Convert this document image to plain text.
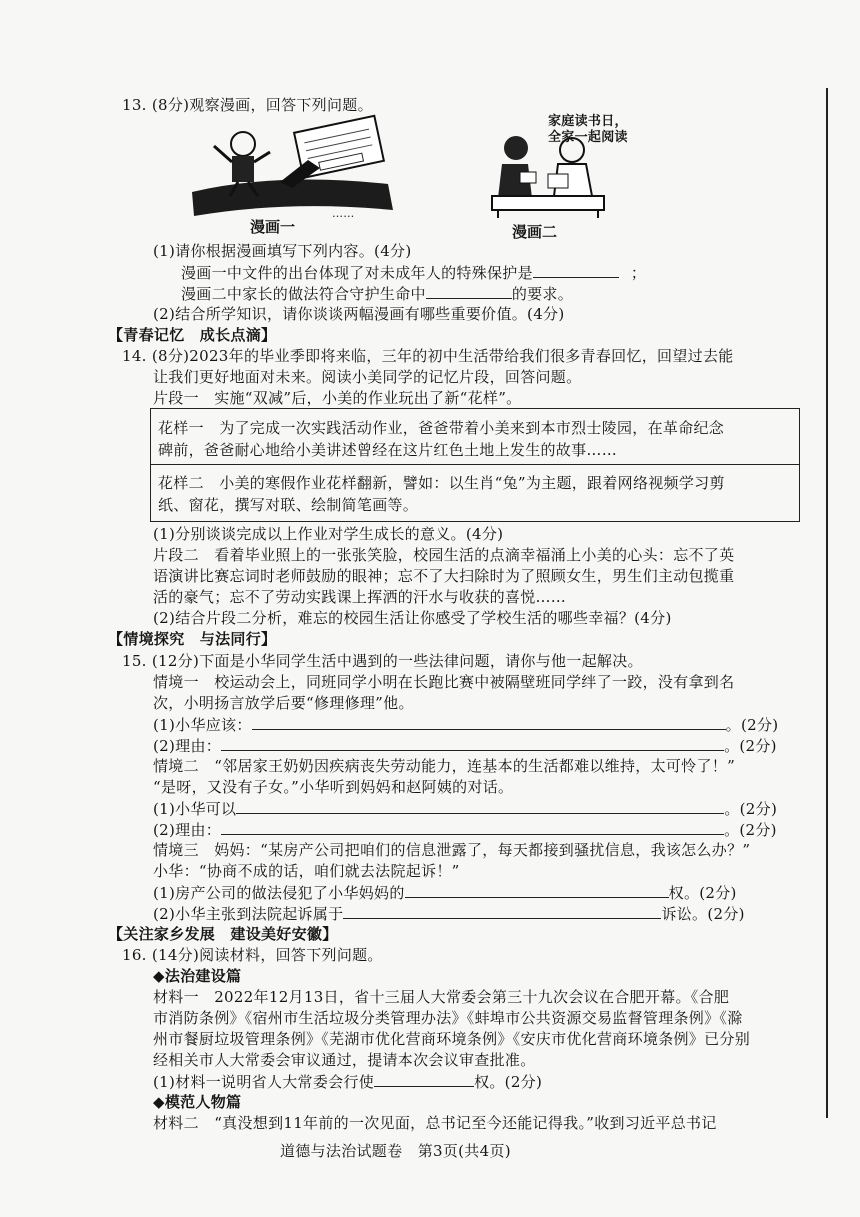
13. (8分)观察漫画，回答下列问题。
漫画一
……
家庭读书日，
全家一起阅读
漫画二
(1)请你根据漫画填写下列内容。(4分)
漫画一中文件的出台体现了对未成年人的特殊保护是	；
漫画二中家长的做法符合守护生命中	的要求。
(2)结合所学知识，请你谈谈两幅漫画有哪些重要价值。(4分)
【青春记忆　成长点滴】
14. (8分)2023年的毕业季即将来临，三年的初中生活带给我们很多青春回忆，回望过去能
让我们更好地面对未来。阅读小美同学的记忆片段，回答问题。
片段一　实施“双减”后，小美的作业玩出了新“花样”。
花样一　为了完成一次实践活动作业，爸爸带着小美来到本市烈士陵园，在革命纪念
碑前，爸爸耐心地给小美讲述曾经在这片红色土地上发生的故事……
花样二　小美的寒假作业花样翻新，譬如：以生肖“兔”为主题，跟着网络视频学习剪
纸、窗花，撰写对联、绘制简笔画等。
(1)分别谈谈完成以上作业对学生成长的意义。(4分)
片段二　看着毕业照上的一张张笑脸，校园生活的点滴幸福涌上小美的心头：忘不了英
语演讲比赛忘词时老师鼓励的眼神；忘不了大扫除时为了照顾女生，男生们主动包揽重
活的豪气；忘不了劳动实践课上挥洒的汗水与收获的喜悦……
(2)结合片段二分析，难忘的校园生活让你感受了学校生活的哪些幸福？(4分)
【情境探究　与法同行】
15. (12分)下面是小华同学生活中遇到的一些法律问题，请你与他一起解决。
情境一　校运动会上，同班同学小明在长跑比赛中被隔壁班同学绊了一跤，没有拿到名
次，小明扬言放学后要“修理修理”他。
(1)小华应该：	。(2分)
(2)理由：	。(2分)
情境二　“邻居家王奶奶因疾病丧失劳动能力，连基本的生活都难以维持，太可怜了！”
“是呀，又没有子女。”小华听到妈妈和赵阿姨的对话。
(1)小华可以	。(2分)
(2)理由：	。(2分)
情境三　妈妈：“某房产公司把咱们的信息泄露了，每天都接到骚扰信息，我该怎么办？”
小华：“协商不成的话，咱们就去法院起诉！”
(1)房产公司的做法侵犯了小华妈妈的	权。(2分)
(2)小华主张到法院起诉属于	诉讼。(2分)
【关注家乡发展　建设美好安徽】
16. (14分)阅读材料，回答下列问题。
◆法治建设篇
材料一　2022年12月13日，省十三届人大常委会第三十九次会议在合肥开幕。《合肥
市消防条例》《宿州市生活垃圾分类管理办法》《蚌埠市公共资源交易监督管理条例》《滁
州市餐厨垃圾管理条例》《芜湖市优化营商环境条例》《安庆市优化营商环境条例》已分别
经相关市人大常委会审议通过，提请本次会议审查批准。
(1)材料一说明省人大常委会行使	权。(2分)
◆模范人物篇
材料二　“真没想到11年前的一次见面，总书记至今还能记得我。”收到习近平总书记
道德与法治试题卷　第3页(共4页)
